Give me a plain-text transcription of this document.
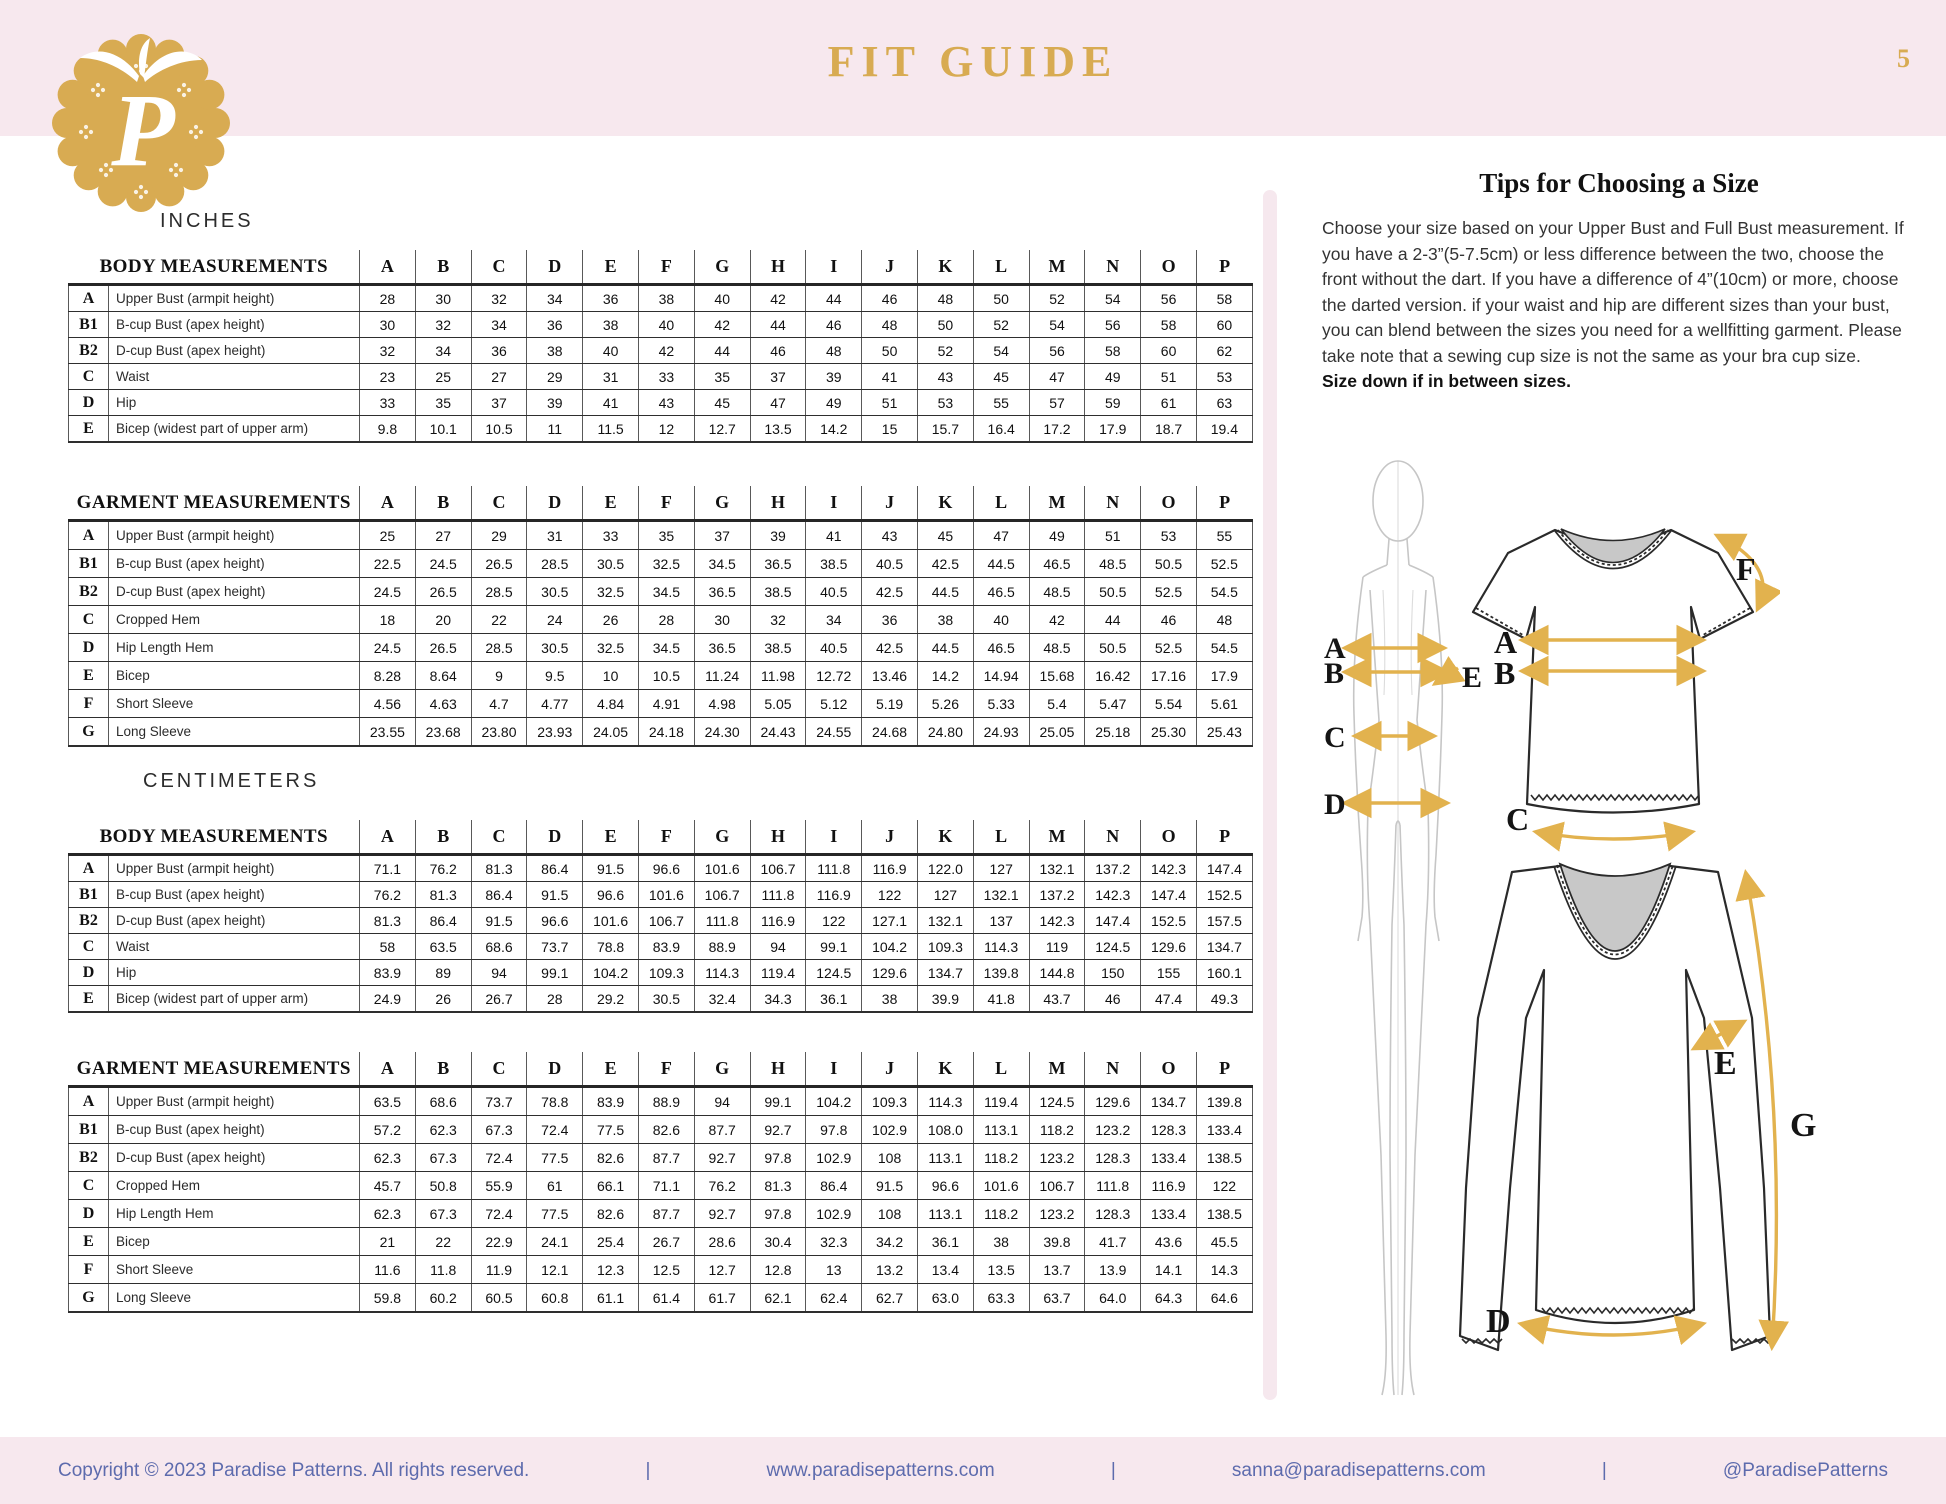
FIT GUIDE	5
P
INCHES
BODY MEASUREMENTS		A	B	C	D	E	F	G	H	I	J	K	L	M	N	O	P
A	Upper Bust (armpit height)	28	30	32	34	36	38	40	42	44	46	48	50	52	54	56	58
B1	B-cup Bust (apex height)	30	32	34	36	38	40	42	44	46	48	50	52	54	56	58	60
B2	D-cup Bust (apex height)	32	34	36	38	40	42	44	46	48	50	52	54	56	58	60	62
C	Waist	23	25	27	29	31	33	35	37	39	41	43	45	47	49	51	53
D	Hip	33	35	37	39	41	43	45	47	49	51	53	55	57	59	61	63
E	Bicep (widest part of upper arm)	9.8	10.1	10.5	11	11.5	12	12.7	13.5	14.2	15	15.7	16.4	17.2	17.9	18.7	19.4
GARMENT MEASUREMENTS		A	B	C	D	E	F	G	H	I	J	K	L	M	N	O	P
A	Upper Bust (armpit height)	25	27	29	31	33	35	37	39	41	43	45	47	49	51	53	55
B1	B-cup Bust (apex height)	22.5	24.5	26.5	28.5	30.5	32.5	34.5	36.5	38.5	40.5	42.5	44.5	46.5	48.5	50.5	52.5
B2	D-cup Bust (apex height)	24.5	26.5	28.5	30.5	32.5	34.5	36.5	38.5	40.5	42.5	44.5	46.5	48.5	50.5	52.5	54.5
C	Cropped Hem	18	20	22	24	26	28	30	32	34	36	38	40	42	44	46	48
D	Hip Length Hem	24.5	26.5	28.5	30.5	32.5	34.5	36.5	38.5	40.5	42.5	44.5	46.5	48.5	50.5	52.5	54.5
E	Bicep	8.28	8.64	9	9.5	10	10.5	11.24	11.98	12.72	13.46	14.2	14.94	15.68	16.42	17.16	17.9
F	Short Sleeve	4.56	4.63	4.7	4.77	4.84	4.91	4.98	5.05	5.12	5.19	5.26	5.33	5.4	5.47	5.54	5.61
G	Long Sleeve	23.55	23.68	23.80	23.93	24.05	24.18	24.30	24.43	24.55	24.68	24.80	24.93	25.05	25.18	25.30	25.43
CENTIMETERS
BODY MEASUREMENTS		A	B	C	D	E	F	G	H	I	J	K	L	M	N	O	P
A	Upper Bust (armpit height)	71.1	76.2	81.3	86.4	91.5	96.6	101.6	106.7	111.8	116.9	122.0	127	132.1	137.2	142.3	147.4
B1	B-cup Bust (apex height)	76.2	81.3	86.4	91.5	96.6	101.6	106.7	111.8	116.9	122	127	132.1	137.2	142.3	147.4	152.5
B2	D-cup Bust (apex height)	81.3	86.4	91.5	96.6	101.6	106.7	111.8	116.9	122	127.1	132.1	137	142.3	147.4	152.5	157.5
C	Waist	58	63.5	68.6	73.7	78.8	83.9	88.9	94	99.1	104.2	109.3	114.3	119	124.5	129.6	134.7
D	Hip	83.9	89	94	99.1	104.2	109.3	114.3	119.4	124.5	129.6	134.7	139.8	144.8	150	155	160.1
E	Bicep (widest part of upper arm)	24.9	26	26.7	28	29.2	30.5	32.4	34.3	36.1	38	39.9	41.8	43.7	46	47.4	49.3
GARMENT MEASUREMENTS		A	B	C	D	E	F	G	H	I	J	K	L	M	N	O	P
A	Upper Bust (armpit height)	63.5	68.6	73.7	78.8	83.9	88.9	94	99.1	104.2	109.3	114.3	119.4	124.5	129.6	134.7	139.8
B1	B-cup Bust (apex height)	57.2	62.3	67.3	72.4	77.5	82.6	87.7	92.7	97.8	102.9	108.0	113.1	118.2	123.2	128.3	133.4
B2	D-cup Bust (apex height)	62.3	67.3	72.4	77.5	82.6	87.7	92.7	97.8	102.9	108	113.1	118.2	123.2	128.3	133.4	138.5
C	Cropped Hem	45.7	50.8	55.9	61	66.1	71.1	76.2	81.3	86.4	91.5	96.6	101.6	106.7	111.8	116.9	122
D	Hip Length Hem	62.3	67.3	72.4	77.5	82.6	87.7	92.7	97.8	102.9	108	113.1	118.2	123.2	128.3	133.4	138.5
E	Bicep	21	22	22.9	24.1	25.4	26.7	28.6	30.4	32.3	34.2	36.1	38	39.8	41.7	43.6	45.5
F	Short Sleeve	11.6	11.8	11.9	12.1	12.3	12.5	12.7	12.8	13	13.2	13.4	13.5	13.7	13.9	14.1	14.3
G	Long Sleeve	59.8	60.2	60.5	60.8	61.1	61.4	61.7	62.1	62.4	62.7	63.0	63.3	63.7	64.0	64.3	64.6
Tips for Choosing a Size
Choose your size based on your Upper Bust and Full Bust measurement. If you have a 2-3”(5-7.5cm) or less difference between the two, choose the front without the dart. If you have a difference of 4”(10cm) or more, choose the darted version. if your waist and hip are different sizes than your bust, you can blend between the sizes you need for a wellfitting garment. Please take note that a sewing cup size is not the same as your bra cup size.
Size down if in between sizes.
A
B
C
D
E
A
B
C
F
E
G
D
Copyright © 2023 Paradise Patterns. All rights reserved.	|	www.paradisepatterns.com	|	sanna@paradisepatterns.com	|	@ParadisePatterns
